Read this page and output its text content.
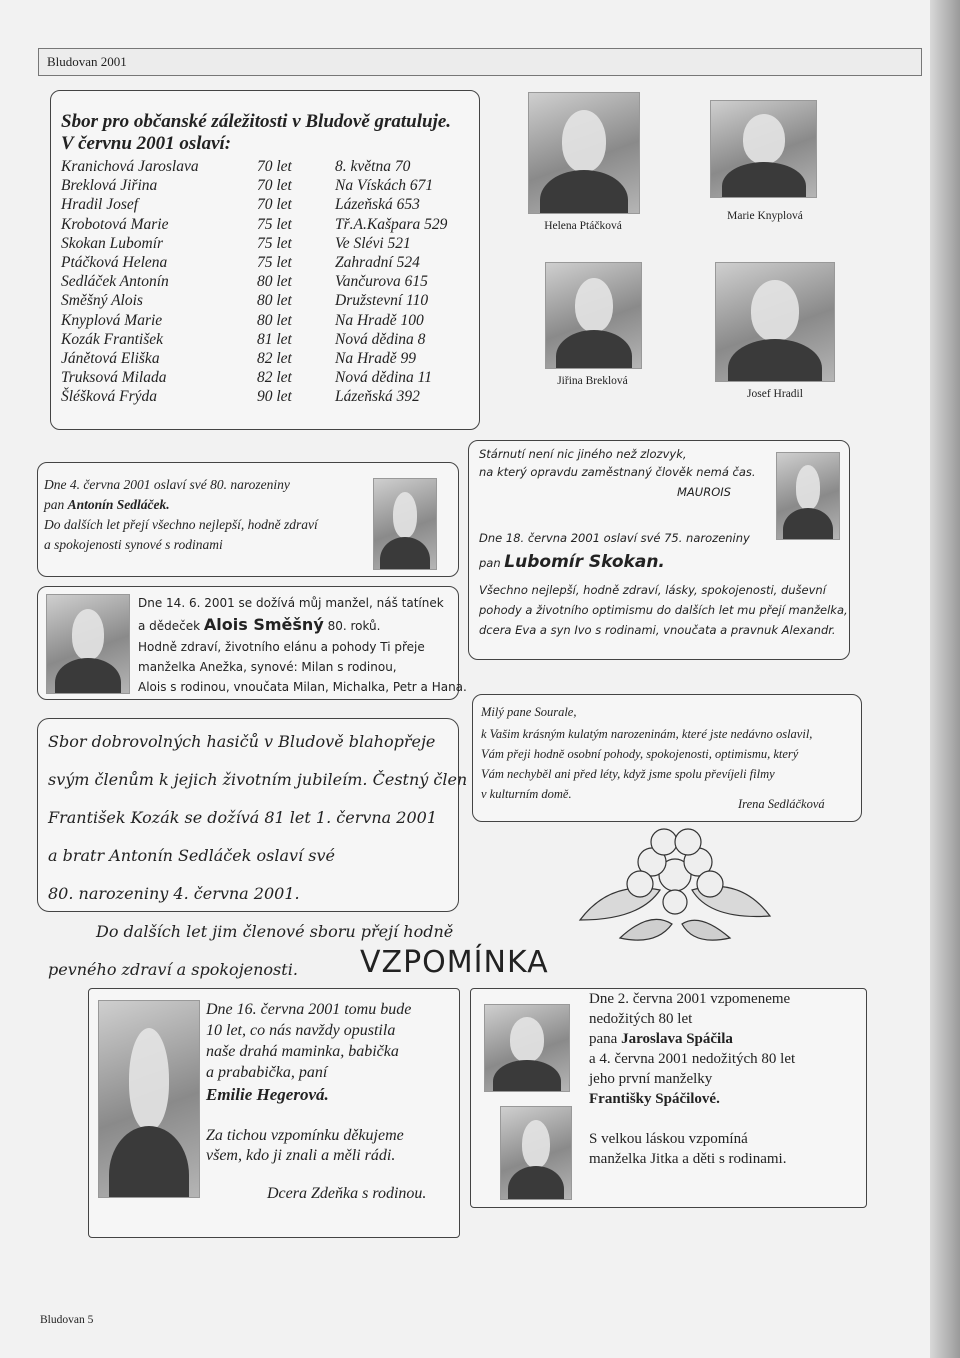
Bludovan 2001
Sbor pro občanské záležitosti v Bludově gratuluje.
V červnu 2001 oslaví:
Kranichová Jaroslava	70 let	8. května 70
Breklová Jiřina	70 let	Na Vískách 671
Hradil Josef	70 let	Lázeňská 653
Krobotová Marie	75 let	Tř.A.Kašpara 529
Skokan Lubomír	75 let	Ve Slévi 521
Ptáčková Helena	75 let	Zahradní 524
Sedláček Antonín	80 let	Vančurova 615
Směšný Alois	80 let	Družstevní 110
Knyplová Marie	80 let	Na Hradě 100
Kozák František	81 let	Nová dědina 8
Jánětová Eliška	82 let	Na Hradě 99
Truksová Milada	82 let	Nová dědina 11
Šléšková Frýda	90 let	Lázeňská 392
Helena Ptáčková
Marie Knyplová
Jiřina Breklová
Josef Hradil
Dne 4. června 2001 oslaví své 80. narozeniny
pan Antonín Sedláček.
Do dalších let přejí všechno nejlepší, hodně zdraví
a spokojenosti synové s rodinami
Stárnutí není nic jiného než zlozvyk,
na který opravdu zaměstnaný člověk nemá čas.
MAUROIS
Dne 18. června 2001 oslaví své 75. narozeniny
pan Lubomír Skokan.
Všechno nejlepší, hodně zdraví, lásky, spokojenosti, duševní
pohody a životního optimismu do dalších let mu přejí manželka,
dcera Eva a syn Ivo s rodinami, vnoučata a pravnuk Alexandr.
Dne 14. 6. 2001 se dožívá můj manžel, náš tatínek
a dědeček Alois Směšný 80. roků.
Hodně zdraví, životního elánu a pohody Ti přeje
manželka Anežka, synové: Milan s rodinou,
Alois s rodinou, vnoučata Milan, Michalka, Petr a Hana.
Sbor dobrovolných hasičů v Bludově blahopřeje
svým členům k jejich životním jubileím. Čestný člen
František Kozák se dožívá 81 let 1. června 2001
a bratr Antonín Sedláček oslaví své
80. narozeniny 4. června 2001.
Do dalších let jim členové sboru přejí hodně
pevného zdraví a spokojenosti.
Milý pane Sourale,
k Vašim krásným kulatým narozeninám, které jste nedávno oslavil,
Vám přeji hodně osobní pohody, spokojenosti, optimismu, který
Vám nechyběl ani před léty, když jsme spolu převíjeli filmy
v kulturním domě.
Irena Sedláčková
VZPOMÍNKA
Dne 16. června 2001 tomu bude
10 let, co nás navždy opustila
naše drahá maminka, babička
a prababička, paní
Emilie Hegerová.
Za tichou vzpomínku děkujeme
všem, kdo ji znali a měli rádi.
Dcera Zdeňka s rodinou.
Dne 2. června 2001 vzpomeneme
nedožitých 80 let
pana Jaroslava Spáčila
a 4. června 2001 nedožitých 80 let
jeho první manželky
Františky Spáčilové.
S velkou láskou vzpomíná
manželka Jitka a děti s rodinami.
Bludovan 5
